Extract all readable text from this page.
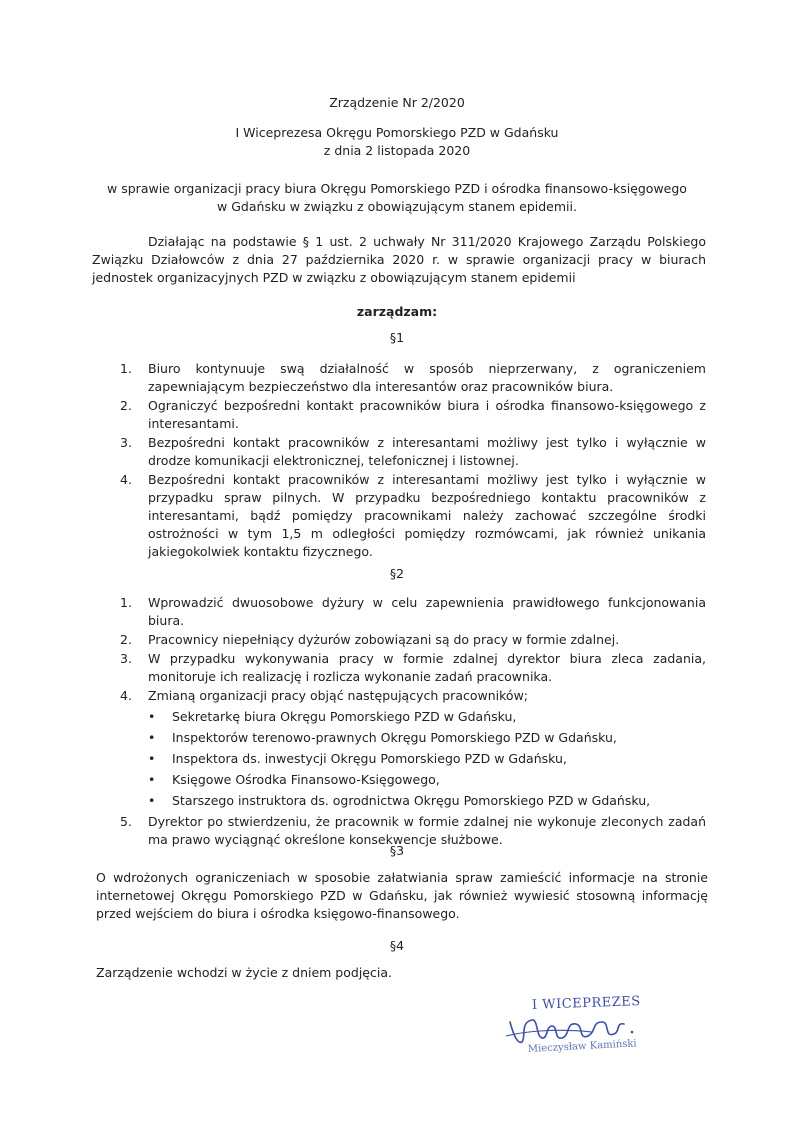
Zrządzenie Nr 2/2020
I Wiceprezesa Okręgu Pomorskiego PZD w Gdańsku
z dnia 2 listopada 2020
w sprawie organizacji pracy biura Okręgu Pomorskiego PZD i ośrodka finansowo-księgowego
w Gdańsku w związku z obowiązującym stanem epidemii.
Działając na podstawie § 1 ust. 2 uchwały Nr 311/2020 Krajowego Zarządu Polskiego Związku Działowców z dnia 27 października 2020 r. w sprawie organizacji pracy w biurach jednostek organizacyjnych PZD w związku z obowiązującym stanem epidemii
zarządzam:
§1
1. Biuro kontynuuje swą działalność w sposób nieprzerwany, z ograniczeniem zapewniającym bezpieczeństwo dla interesantów oraz pracowników biura.
2. Ograniczyć bezpośredni kontakt pracowników biura i ośrodka finansowo-księgowego z interesantami.
3. Bezpośredni kontakt pracowników z interesantami możliwy jest tylko i wyłącznie w drodze komunikacji elektronicznej, telefonicznej i listownej.
4. Bezpośredni kontakt pracowników z interesantami możliwy jest tylko i wyłącznie w przypadku spraw pilnych. W przypadku bezpośredniego kontaktu pracowników z interesantami, bądź pomiędzy pracownikami należy zachować szczególne środki ostrożności w tym 1,5 m odległości pomiędzy rozmówcami, jak również unikania jakiegokolwiek kontaktu fizycznego.
§2
1. Wprowadzić dwuosobowe dyżury w celu zapewnienia prawidłowego funkcjonowania biura.
2. Pracownicy niepełniący dyżurów zobowiązani są do pracy w formie zdalnej.
3. W przypadku wykonywania pracy w formie zdalnej dyrektor biura zleca zadania, monitoruje ich realizację i rozlicza wykonanie zadań pracownika.
4. Zmianą organizacji pracy objąć następujących pracowników;
• Sekretarkę biura Okręgu Pomorskiego PZD w Gdańsku,
• Inspektorów terenowo-prawnych Okręgu Pomorskiego PZD w Gdańsku,
• Inspektora ds. inwestycji Okręgu Pomorskiego PZD w Gdańsku,
• Księgowe Ośrodka Finansowo-Księgowego,
• Starszego instruktora ds. ogrodnictwa Okręgu Pomorskiego PZD w Gdańsku,
5. Dyrektor po stwierdzeniu, że pracownik w formie zdalnej nie wykonuje zleconych zadań ma prawo wyciągnąć określone konsekwencje służbowe.
§3
O wdrożonych ograniczeniach w sposobie załatwiania spraw zamieścić informacje na stronie internetowej Okręgu Pomorskiego PZD w Gdańsku, jak również wywiesić stosowną informację przed wejściem do biura i ośrodka księgowo-finansowego.
§4
Zarządzenie wchodzi w życie z dniem podjęcia.
I WICEPREZES
Mieczysław Kamiński
